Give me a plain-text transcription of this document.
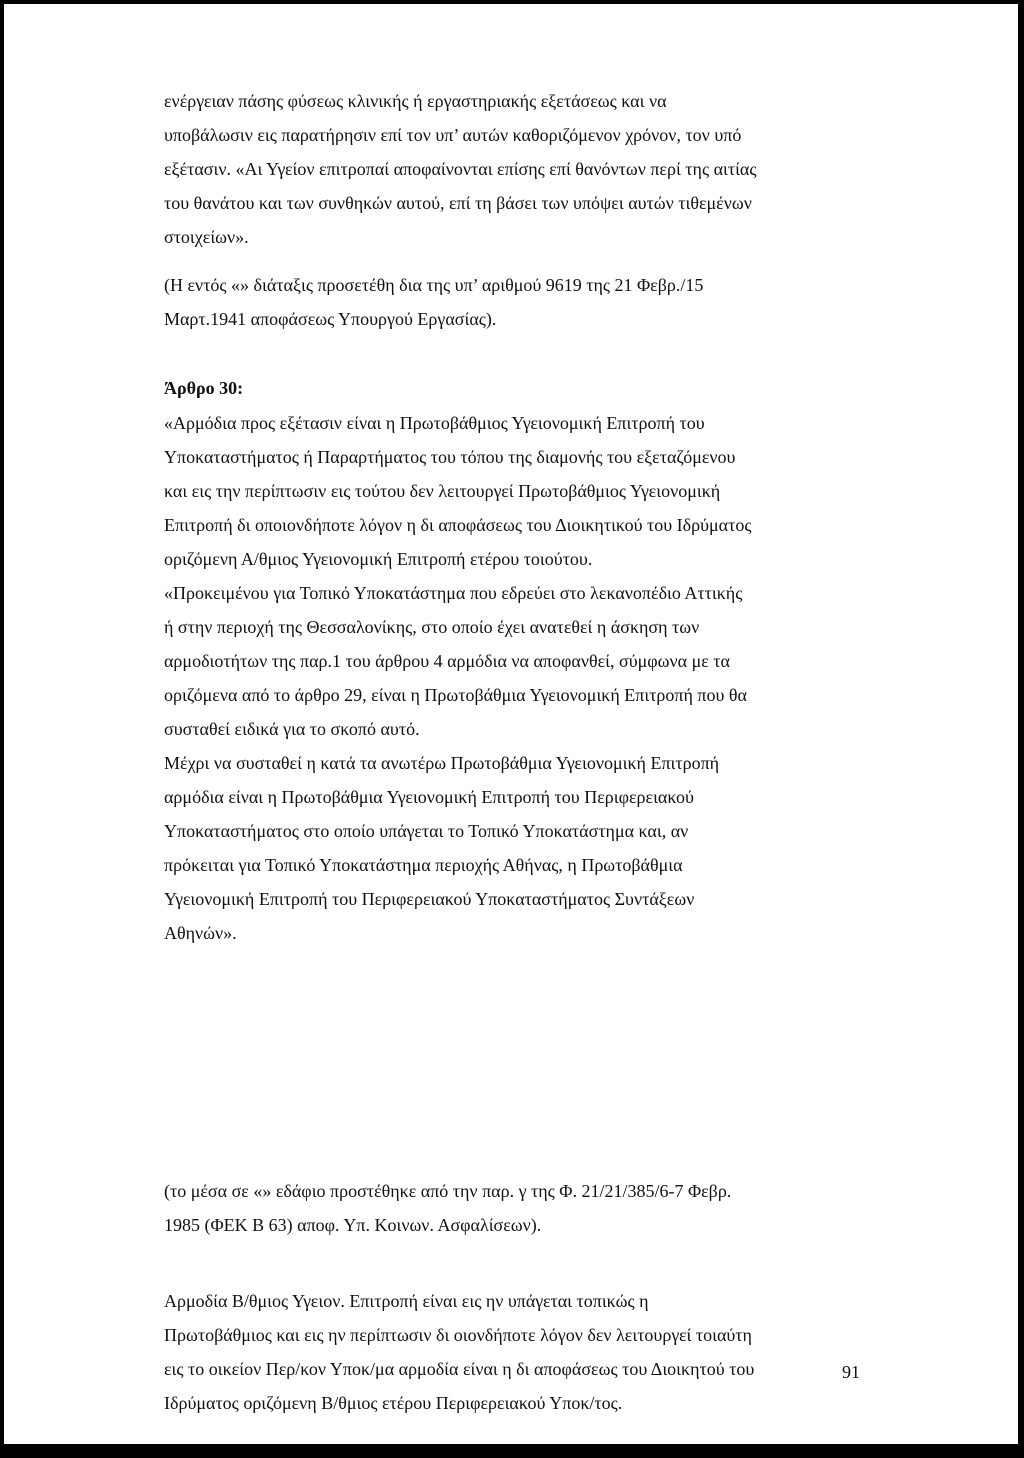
ενέργειαν πάσης φύσεως κλινικής ή εργαστηριακής εξετάσεως και να
υποβάλωσιν εις παρατήρησιν επί τον υπ’ αυτών καθοριζόμενον χρόνον, τον υπό
εξέτασιν. «Αι Υγείον επιτροπαί αποφαίνονται επίσης επί θανόντων περί της αιτίας
του θανάτου και των συνθηκών αυτού, επί τη βάσει των υπόψει αυτών τιθεμένων
στοιχείων».
(Η εντός «» διάταξις προσετέθη δια της υπ’ αριθμού 9619 της 21 Φεβρ./15
Μαρτ.1941 αποφάσεως Υπουργού Εργασίας).
Άρθρο 30:
«Αρμόδια προς εξέτασιν είναι η Πρωτοβάθμιος Υγειονομική Επιτροπή του
Υποκαταστήματος ή Παραρτήματος του τόπου της διαμονής του εξεταζόμενου
και εις την περίπτωσιν εις τούτου δεν λειτουργεί Πρωτοβάθμιος Υγειονομική
Επιτροπή δι οποιονδήποτε λόγον η δι αποφάσεως του Διοικητικού του Ιδρύματος
οριζόμενη Α/θμιος Υγειονομική Επιτροπή ετέρου τοιούτου.
«Προκειμένου για Τοπικό Υποκατάστημα που εδρεύει στο λεκανοπέδιο Αττικής
ή στην περιοχή της Θεσσαλονίκης, στο οποίο έχει ανατεθεί η άσκηση των
αρμοδιοτήτων της παρ.1 του άρθρου 4 αρμόδια να αποφανθεί, σύμφωνα με τα
οριζόμενα από το άρθρο 29, είναι η Πρωτοβάθμια Υγειονομική Επιτροπή που θα
συσταθεί ειδικά για το σκοπό αυτό.
Μέχρι να συσταθεί η κατά τα ανωτέρω Πρωτοβάθμια Υγειονομική Επιτροπή
αρμόδια είναι η Πρωτοβάθμια Υγειονομική Επιτροπή του Περιφερειακού
Υποκαταστήματος στο οποίο υπάγεται το Τοπικό Υποκατάστημα και, αν
πρόκειται για Τοπικό Υποκατάστημα περιοχής Αθήνας, η Πρωτοβάθμια
Υγειονομική Επιτροπή του Περιφερειακού Υποκαταστήματος Συντάξεων
Αθηνών».
(το μέσα σε «» εδάφιο προστέθηκε από την παρ. γ της Φ. 21/21/385/6-7 Φεβρ.
1985 (ΦΕΚ Β 63) αποφ. Υπ. Κοινων. Ασφαλίσεων).
Αρμοδία Β/θμιος Υγειον. Επιτροπή είναι εις ην υπάγεται τοπικώς η
Πρωτοβάθμιος και εις ην περίπτωσιν δι οιονδήποτε λόγον δεν λειτουργεί τοιαύτη
εις το οικείον Περ/κον Υποκ/μα αρμοδία είναι η δι αποφάσεως του Διοικητού του
Ιδρύματος οριζόμενη Β/θμιος ετέρου Περιφερειακού Υποκ/τος.
91
